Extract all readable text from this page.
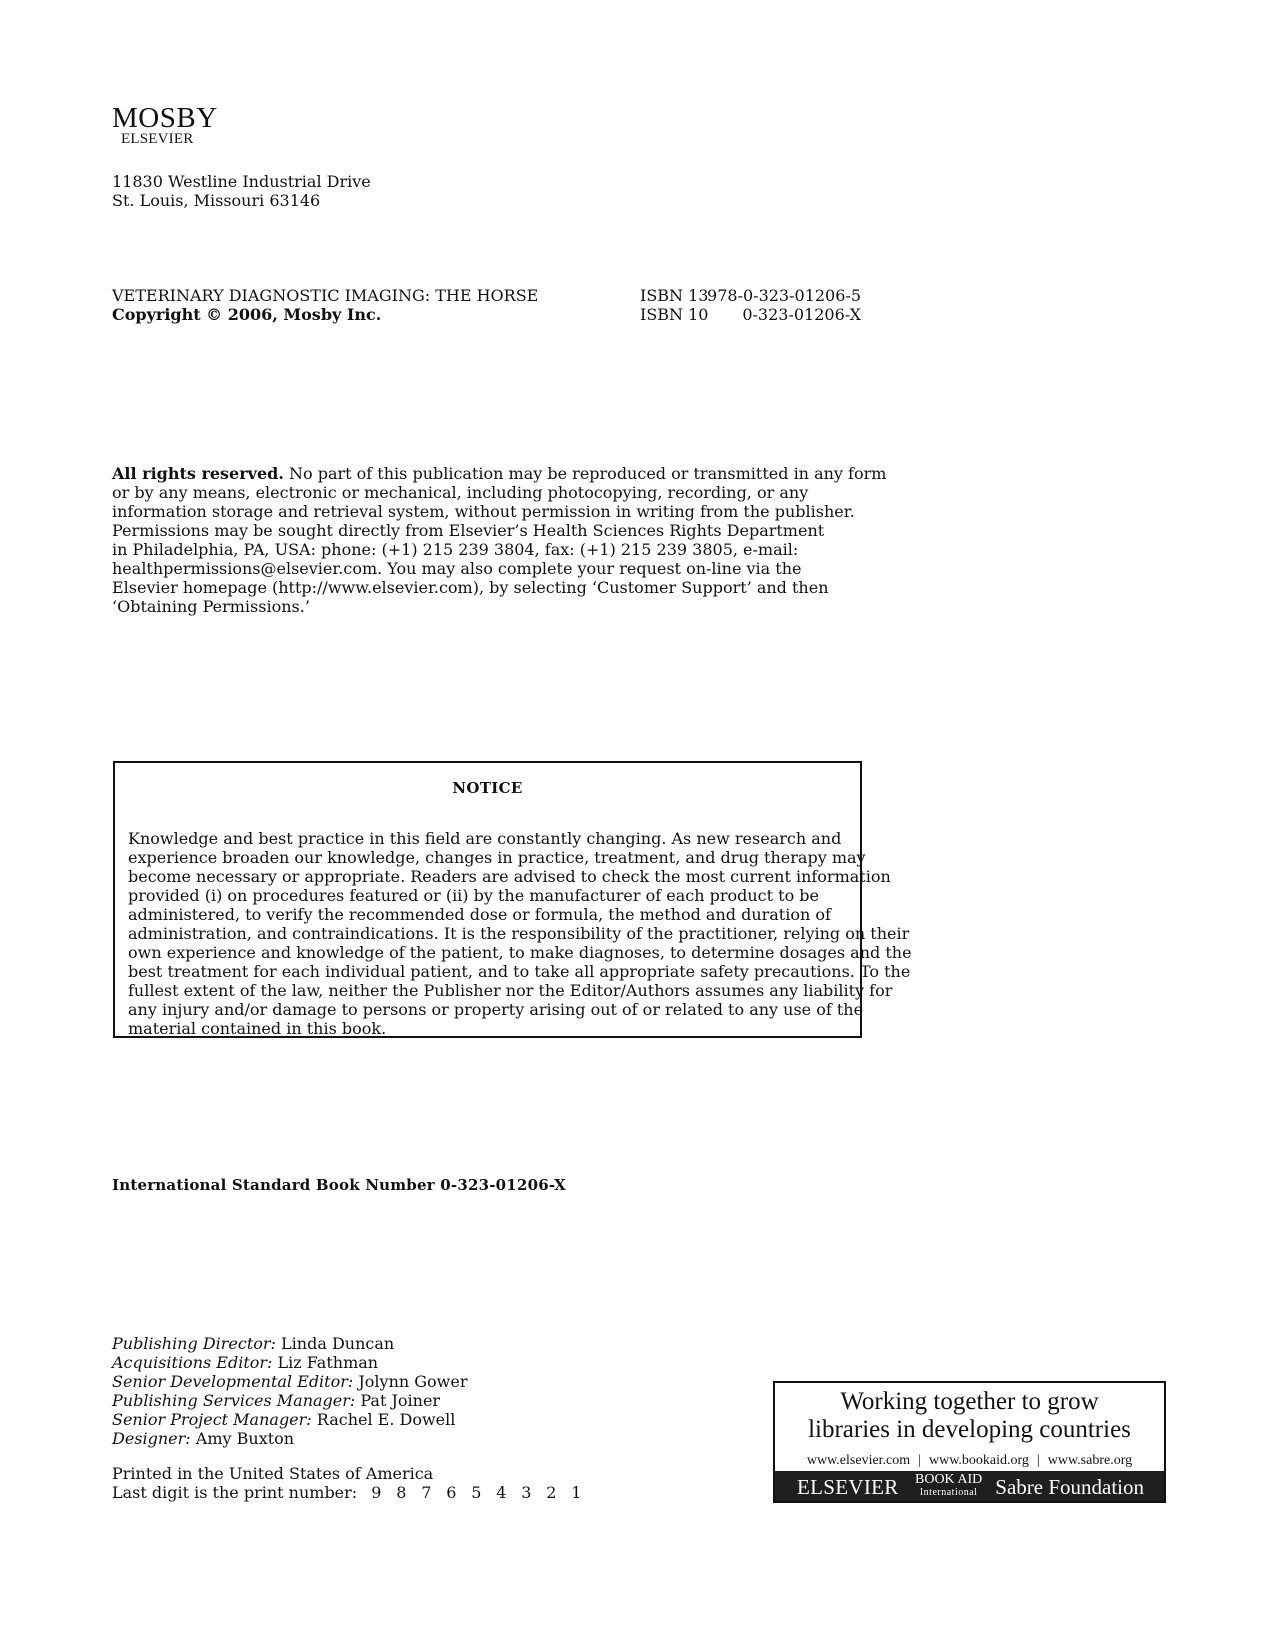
MOSBY
ELSEVIER
11830 Westline Industrial Drive
St. Louis, Missouri 63146
VETERINARY DIAGNOSTIC IMAGING: THE HORSE
Copyright © 2006, Mosby Inc.
ISBN 13
ISBN 10
978-0-323-01206-5
0-323-01206-X
All rights reserved. No part of this publication may be reproduced or transmitted in any form
or by any means, electronic or mechanical, including photocopying, recording, or any
information storage and retrieval system, without permission in writing from the publisher.
Permissions may be sought directly from Elsevier’s Health Sciences Rights Department
in Philadelphia, PA, USA: phone: (+1) 215 239 3804, fax: (+1) 215 239 3805, e-mail:
healthpermissions@elsevier.com. You may also complete your request on-line via the
Elsevier homepage (http://www.elsevier.com), by selecting ‘Customer Support’ and then
‘Obtaining Permissions.’
NOTICE
Knowledge and best practice in this field are constantly changing. As new research and
experience broaden our knowledge, changes in practice, treatment, and drug therapy may
become necessary or appropriate. Readers are advised to check the most current information
provided (i) on procedures featured or (ii) by the manufacturer of each product to be
administered, to verify the recommended dose or formula, the method and duration of
administration, and contraindications. It is the responsibility of the practitioner, relying on their
own experience and knowledge of the patient, to make diagnoses, to determine dosages and the
best treatment for each individual patient, and to take all appropriate safety precautions. To the
fullest extent of the law, neither the Publisher nor the Editor/Authors assumes any liability for
any injury and/or damage to persons or property arising out of or related to any use of the
material contained in this book.
International Standard Book Number 0-323-01206-X
Publishing Director: Linda Duncan
Acquisitions Editor: Liz Fathman
Senior Developmental Editor: Jolynn Gower
Publishing Services Manager: Pat Joiner
Senior Project Manager: Rachel E. Dowell
Designer: Amy Buxton
Printed in the United States of America
Last digit is the print number: 9 8 7 6 5 4 3 2 1
Working together to grow
libraries in developing countries
www.elsevier.com | www.bookaid.org | www.sabre.org
ELSEVIER BOOK AID
International Sabre Foundation
